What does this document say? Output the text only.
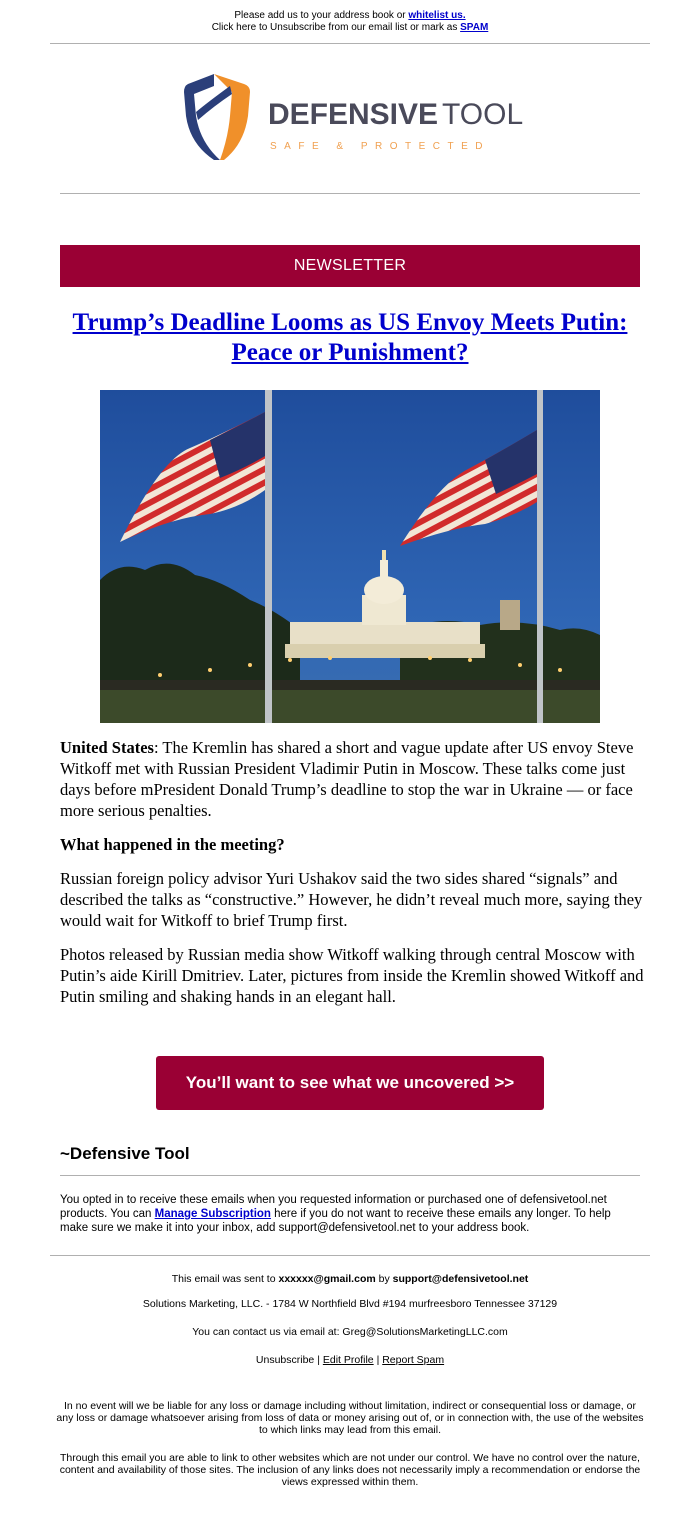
Please add us to your address book or whitelist us.
Click here to Unsubscribe from our email list or mark as SPAM
DEFENSIVE TOOL
SAFE & PROTECTED
NEWSLETTER
Trump’s Deadline Looms as US Envoy Meets Putin:
Peace or Punishment?

United States: The Kremlin has shared a short and vague update after US envoy Steve Witkoff met with Russian President Vladimir Putin in Moscow. These talks come just days before mPresident Donald Trump’s deadline to stop the war in Ukraine — or face more serious penalties.

What happened in the meeting?

Russian foreign policy advisor Yuri Ushakov said the two sides shared “signals” and described the talks as “constructive.” However, he didn’t reveal much more, saying they would wait for Witkoff to brief Trump first.

Photos released by Russian media show Witkoff walking through central Moscow with Putin’s aide Kirill Dmitriev. Later, pictures from inside the Kremlin showed Witkoff and Putin smiling and shaking hands in an elegant hall.

You’ll want to see what we uncovered >>
~Defensive Tool
You opted in to receive these emails when you requested information or purchased one of defensivetool.net products. You can Manage Subscription here if you do not want to receive these emails any longer. To help make sure we make it into your inbox, add support@defensivetool.net to your address book.
This email was sent to xxxxxx@gmail.com by support@defensivetool.net
Solutions Marketing, LLC. - 1784 W Northfield Blvd #194 murfreesboro Tennessee 37129
You can contact us via email at: Greg@SolutionsMarketingLLC.com
Unsubscribe | Edit Profile | Report Spam
In no event will we be liable for any loss or damage including without limitation, indirect or consequential loss or damage, or any loss or damage whatsoever arising from loss of data or money arising out of, or in connection with, the use of the websites to which links may lead from this email.
Through this email you are able to link to other websites which are not under our control. We have no control over the nature, content and availability of those sites. The inclusion of any links does not necessarily imply a recommendation or endorse the views expressed within them.
